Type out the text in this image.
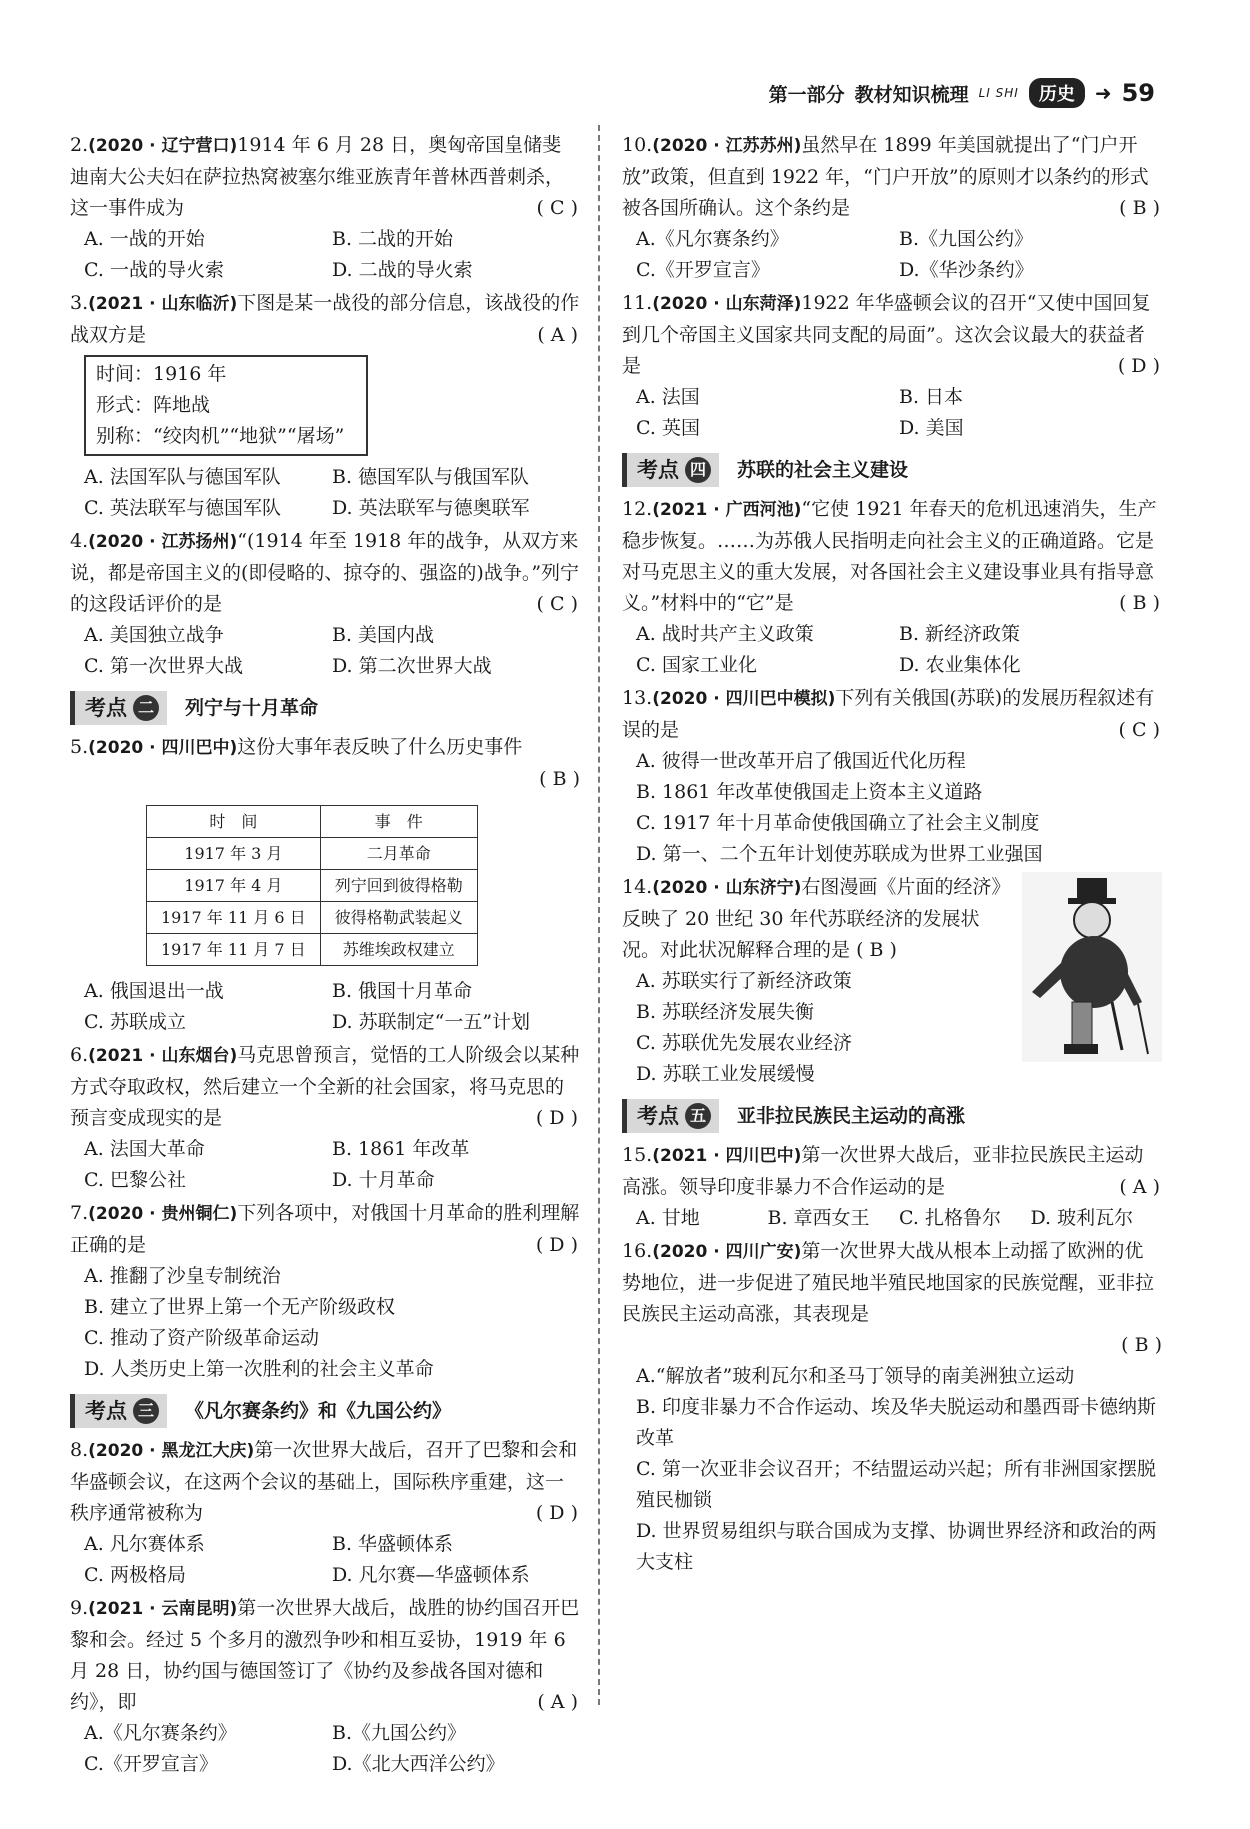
第一部分 教材知识梳理 LI SHI	历史	➜ 59
2.(2020 · 辽宁营口)1914 年 6 月 28 日，奥匈帝国皇储斐迪南大公夫妇在萨拉热窝被塞尔维亚族青年普林西普刺杀，这一事件成为	( C )
A. 一战的开始	B. 二战的开始
C. 一战的导火索	D. 二战的导火索
3.(2021 · 山东临沂)下图是某一战役的部分信息，该战役的作战双方是	( A )
时间：1916 年
形式：阵地战
别称：“绞肉机”“地狱”“屠场”
A. 法国军队与德国军队	B. 德国军队与俄国军队
C. 英法联军与德国军队	D. 英法联军与德奥联军
4.(2020 · 江苏扬州)“(1914 年至 1918 年的战争，从双方来说，都是帝国主义的(即侵略的、掠夺的、强盗的)战争。”列宁的这段话评价的是	( C )
A. 美国独立战争	B. 美国内战
C. 第一次世界大战	D. 第二次世界大战
考点 二 列宁与十月革命
5.(2020 · 四川巴中)这份大事年表反映了什么历史事件
( B )
时　间	事　件
1917 年 3 月	二月革命
1917 年 4 月	列宁回到彼得格勒
1917 年 11 月 6 日	彼得格勒武装起义
1917 年 11 月 7 日	苏维埃政权建立
A. 俄国退出一战	B. 俄国十月革命
C. 苏联成立	D. 苏联制定“一五”计划
6.(2021 · 山东烟台)马克思曾预言，觉悟的工人阶级会以某种方式夺取政权，然后建立一个全新的社会国家，将马克思的预言变成现实的是	( D )
A. 法国大革命	B. 1861 年改革
C. 巴黎公社	D. 十月革命
7.(2020 · 贵州铜仁)下列各项中，对俄国十月革命的胜利理解正确的是	( D )
A. 推翻了沙皇专制统治
B. 建立了世界上第一个无产阶级政权
C. 推动了资产阶级革命运动
D. 人类历史上第一次胜利的社会主义革命
考点 三 《凡尔赛条约》和《九国公约》
8.(2020 · 黑龙江大庆)第一次世界大战后，召开了巴黎和会和华盛顿会议，在这两个会议的基础上，国际秩序重建，这一秩序通常被称为	( D )
A. 凡尔赛体系	B. 华盛顿体系
C. 两极格局	D. 凡尔赛—华盛顿体系
9.(2021 · 云南昆明)第一次世界大战后，战胜的协约国召开巴黎和会。经过 5 个多月的激烈争吵和相互妥协，1919 年 6 月 28 日，协约国与德国签订了《协约及参战各国对德和约》，即	( A )
A.《凡尔赛条约》	B.《九国公约》
C.《开罗宣言》	D.《北大西洋公约》
10.(2020 · 江苏苏州)虽然早在 1899 年美国就提出了“门户开放”政策，但直到 1922 年，“门户开放”的原则才以条约的形式被各国所确认。这个条约是	( B )
A.《凡尔赛条约》	B.《九国公约》
C.《开罗宣言》	D.《华沙条约》
11.(2020 · 山东菏泽)1922 年华盛顿会议的召开“又使中国回复到几个帝国主义国家共同支配的局面”。这次会议最大的获益者是	( D )
A. 法国	B. 日本
C. 英国	D. 美国
考点 四 苏联的社会主义建设
12.(2021 · 广西河池)“它使 1921 年春天的危机迅速消失，生产稳步恢复。……为苏俄人民指明走向社会主义的正确道路。它是对马克思主义的重大发展，对各国社会主义建设事业具有指导意义。”材料中的“它”是	( B )
A. 战时共产主义政策	B. 新经济政策
C. 国家工业化	D. 农业集体化
13.(2020 · 四川巴中模拟)下列有关俄国(苏联)的发展历程叙述有误的是	( C )
A. 彼得一世改革开启了俄国近代化历程
B. 1861 年改革使俄国走上资本主义道路
C. 1917 年十月革命使俄国确立了社会主义制度
D. 第一、二个五年计划使苏联成为世界工业强国
14.(2020 · 山东济宁)右图漫画《片面的经济》反映了 20 世纪 30 年代苏联经济的发展状况。对此状况解释合理的是 ( B )
A. 苏联实行了新经济政策
B. 苏联经济发展失衡
C. 苏联优先发展农业经济
D. 苏联工业发展缓慢
考点 五 亚非拉民族民主运动的高涨
15.(2021 · 四川巴中)第一次世界大战后，亚非拉民族民主运动高涨。领导印度非暴力不合作运动的是	( A )
A. 甘地	B. 章西女王	C. 扎格鲁尔	D. 玻利瓦尔
16.(2020 · 四川广安)第一次世界大战从根本上动摇了欧洲的优势地位，进一步促进了殖民地半殖民地国家的民族觉醒，亚非拉民族民主运动高涨，其表现是
( B )
A.“解放者”玻利瓦尔和圣马丁领导的南美洲独立运动
B. 印度非暴力不合作运动、埃及华夫脱运动和墨西哥卡德纳斯改革
C. 第一次亚非会议召开；不结盟运动兴起；所有非洲国家摆脱殖民枷锁
D. 世界贸易组织与联合国成为支撑、协调世界经济和政治的两大支柱
